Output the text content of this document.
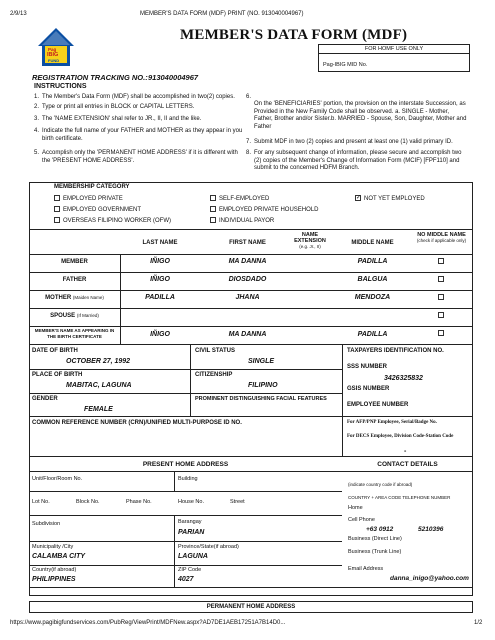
2/9/13	MEMBER'S DATA FORM (MDF) PRINT (NO. 913040004967)
https://www.pagibigfundservices.com/PubReg/ViewPrint/MDFNew.aspx?AD7DE1AEB17251A7B14D0...	1/2
Pag
IBIG
FUND
MEMBER'S DATA FORM (MDF)
FOR HOMF USE ONLY
Pag-IBIG MID No.
REGISTRATION TRACKING NO.: 913040004967
INSTRUCTIONS
1. The Member's Data Form (MDF) shall be accomplished in two(2) copies.
2. Type or print all entries in BLOCK or CAPITAL LETTERS.
3. The 'NAME EXTENSION' shal refer to JR., II, II and the like.
4. Indicate the full name of your FATHER and MOTHER as they appear in you birth certificate.
5. Accomplish only the 'PERMANENT HOME ADDRESS' if it is different with the 'PRESENT HOME ADDRESS'.
6.
On the 'BENEFICIARIES' portion, the provision on the interstate Succession, as Provided in the New Family Code shall be observed. a. SINGLE - Mother, Father, Brother and/or Sister.b. MARRIED - Spouse, Son, Daughter, Mother and Father
7. Submit MDF in two (2) copies and present at least one (1) valid primary ID.
8. For any subsequent change of information, please secure and accomplish two (2) copies of the Member's Change of Information Form (MCIF) [FPF110] and submit to the concerned HDFM Branch.
MEMBERSHIP CATEGORY
EMPLOYED PRIVATE
EMPLOYED GOVERNMENT
OVERSEAS FILIPINO WORKER (OFW)
SELF-EMPLOYED
EMPLOYED PRIVATE HOUSEHOLD
INDIVIDUAL PAYOR
✓ NOT YET EMPLOYED
LAST NAME	FIRST NAME
NAME EXTENSION
(e.g. Jr., II)
MIDDLE NAME
NO MIDDLE NAME
(check if applicable only)
MEMBER	IÑIGO	MA DANNA	PADILLA
FATHER	IÑIGO	DIOSDADO	BALGUA
MOTHER (Maiden Name)	PADILLA	JHANA	MENDOZA
SPOUSE (If Married)
MEMBER'S NAME AS APPEARING IN THE BIRTH CERTIFICATE	IÑIGO	MA DANNA	PADILLA
DATE OF BIRTH
OCTOBER 27, 1992
CIVIL STATUS
SINGLE
TAXPAYERS IDENTIFICATION NO.
SSS NUMBER
3426325832
PLACE OF BIRTH
MABITAC, LAGUNA
CITIZENSHIP
FILIPINO	GSIS NUMBER
GENDER
FEMALE
PROMINENT DISTINGUISHING FACIAL FEATURES
EMPLOYEE NUMBER
COMMON REFERENCE NUMBER (CRN)/UNIFIED MULTI-PURPOSE ID NO.	For AFP/PNP Employee, Serial/Badge No.
For DECS Employee, Division Code-Station Code
-
PRESENT HOME ADDRESS	CONTACT DETAILS
Unit/Floor/Room No.	Building
Lot No.	Block No.	Phase No.	House No.	Street
Subdivision	Barangay
PARIAN
Municipality /City
CALAMBA CITY
Province/State(if abroad)
LAGUNA
Country(if abroad)
PHILIPPINES
ZIP Code
4027
(indicate country code if abroad)
COUNTRY + AREA CODE TELEPHONE NUMBER
Home
Cell Phone
+63 0912	5210396
Business (Direct Line)
Business (Trunk Line)
Email Address
danna_inigo@yahoo.com
PERMANENT HOME ADDRESS
